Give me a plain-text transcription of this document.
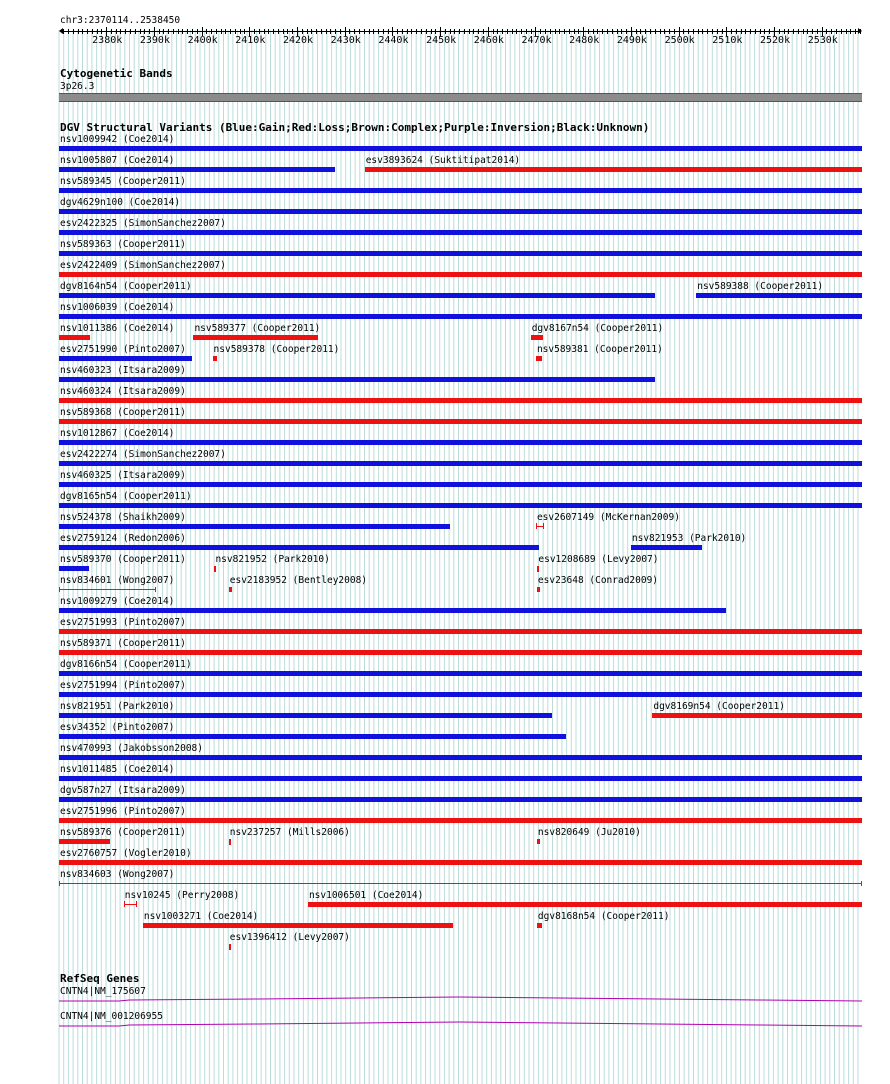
chr3:2370114..2538450
2380k 2390k 2400k 2410k 2420k 2430k 2440k 2450k 2460k 2470k 2480k 2490k 2500k 2510k 2520k 2530k
Cytogenetic Bands
3p26.3
DGV Structural Variants (Blue:Gain;Red:Loss;Brown:Complex;Purple:Inversion;Black:Unknown)
nsv1009942 (Coe2014)
nsv1005807 (Coe2014)	esv3893624 (Suktitipat2014)
nsv589345 (Cooper2011)
dgv4629n100 (Coe2014)
esv2422325 (SimonSanchez2007)
nsv589363 (Cooper2011)
esv2422409 (SimonSanchez2007)
dgv8164n54 (Cooper2011)	nsv589388 (Cooper2011)
nsv1006039 (Coe2014)
nsv1011386 (Coe2014) nsv589377 (Cooper2011)	dgv8167n54 (Cooper2011)
esv2751990 (Pinto2007)	nsv589378 (Cooper2011)	nsv589381 (Cooper2011)
nsv460323 (Itsara2009)
nsv460324 (Itsara2009)
nsv589368 (Cooper2011)
nsv1012867 (Coe2014)
esv2422274 (SimonSanchez2007)
nsv460325 (Itsara2009)
dgv8165n54 (Cooper2011)
nsv524378 (Shaikh2009)	esv2607149 (McKernan2009)
esv2759124 (Redon2006)	nsv821953 (Park2010)
nsv589370 (Cooper2011)	nsv821952 (Park2010)	esv1208689 (Levy2007)
nsv834601 (Wong2007)	esv2183952 (Bentley2008)	esv23648 (Conrad2009)
nsv1009279 (Coe2014)
esv2751993 (Pinto2007)
nsv589371 (Cooper2011)
dgv8166n54 (Cooper2011)
esv2751994 (Pinto2007)
nsv821951 (Park2010)	dgv8169n54 (Cooper2011)
esv34352 (Pinto2007)
nsv470993 (Jakobsson2008)
nsv1011485 (Coe2014)
dgv587n27 (Itsara2009)
esv2751996 (Pinto2007)
nsv589376 (Cooper2011)	nsv237257 (Mills2006)	nsv820649 (Ju2010)
esv2760757 (Vogler2010)
nsv834603 (Wong2007)
nsv10245 (Perry2008)	nsv1006501 (Coe2014)
nsv1003271 (Coe2014)	dgv8168n54 (Cooper2011)
esv1396412 (Levy2007)
RefSeq Genes
CNTN4|NM_175607
CNTN4|NM_001206955
